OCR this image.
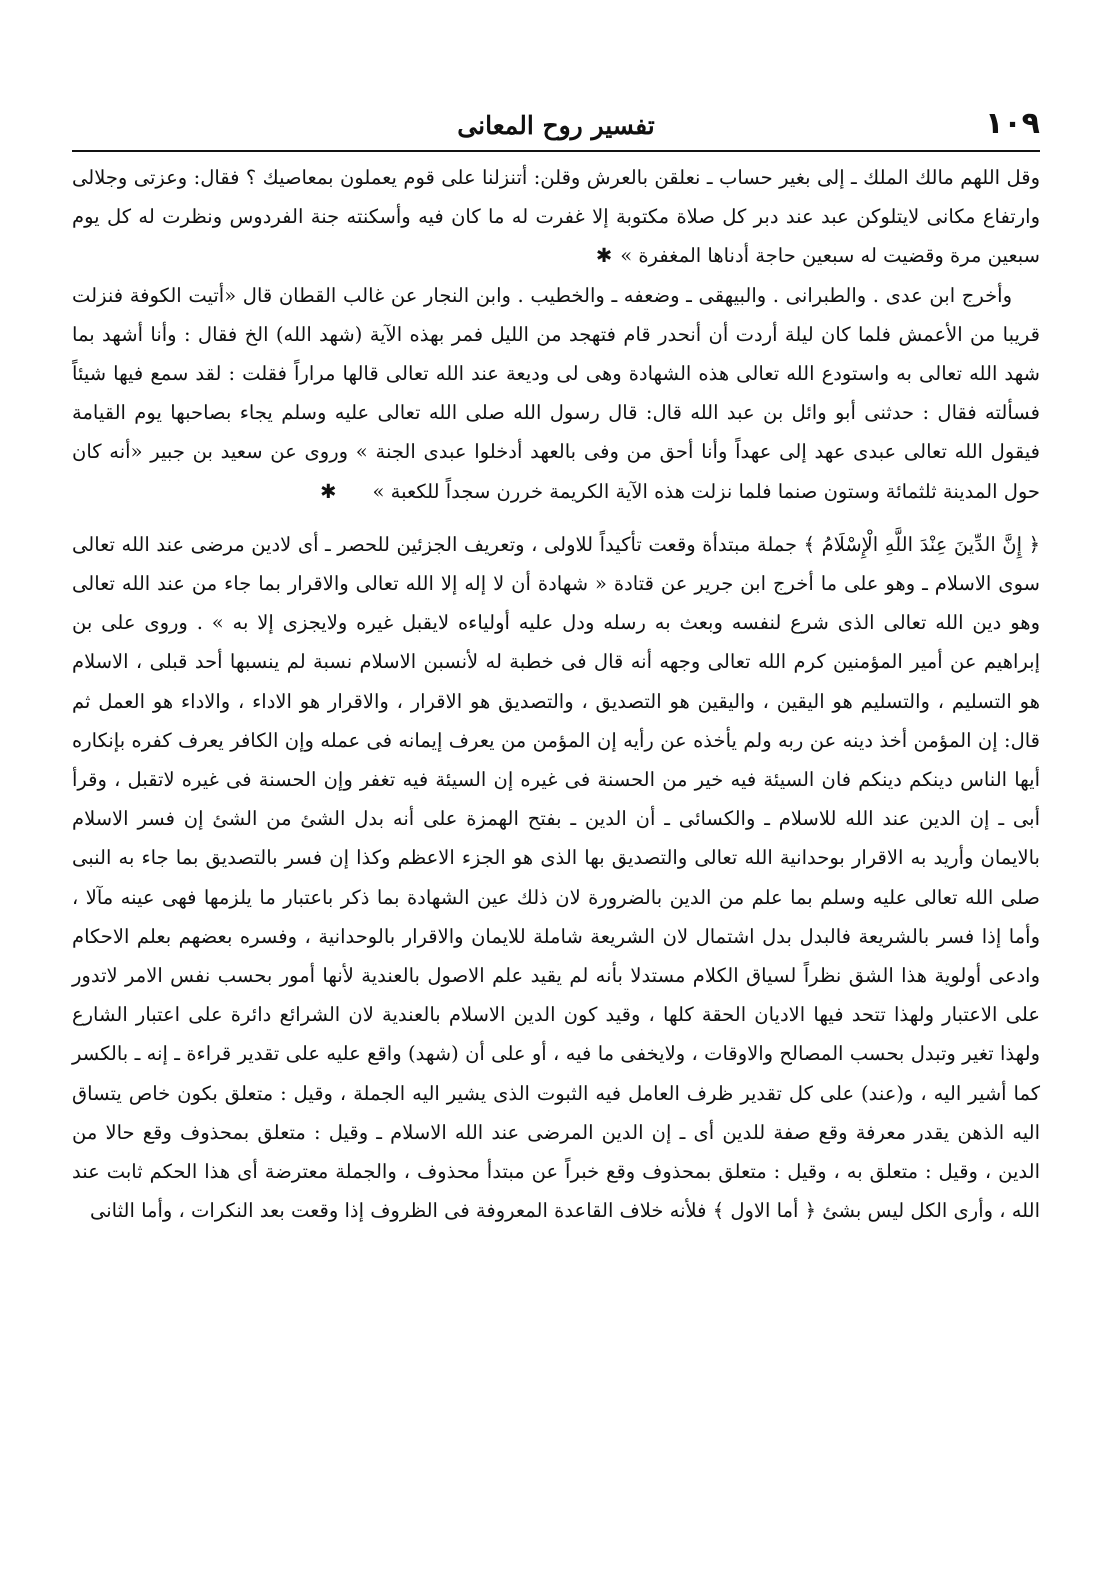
١٠٩
تفسير روح المعانى

وقل اللهم مالك الملك ـ إلى بغير حساب ـ نعلقن بالعرش وقلن: أتنزلنا على قوم يعملون بمعاصيك ؟ فقال: وعزتى وجلالى وارتفاع مكانى لايتلوكن عبد عند دبر كل صلاة مكتوبة إلا غفرت له ما كان فيه وأسكنته جنة الفردوس ونظرت له كل يوم سبعين مرة وقضيت له سبعين حاجة أدناها المغفرة »✱

وأخرج ابن عدى . والطبرانى . والبيهقى ـ وضعفه ـ والخطيب . وابن النجار عن غالب القطان قال «أتيت الكوفة فنزلت قريبا من الأعمش فلما كان ليلة أردت أن أنحدر قام فتهجد من الليل فمر بهذه الآية (شهد الله) الخ فقال : وأنا أشهد بما شهد الله تعالى به واستودع الله تعالى هذه الشهادة وهى لى وديعة عند الله تعالى قالها مراراً فقلت : لقد سمع فيها شيئاً فسألته فقال : حدثنى أبو وائل بن عبد الله قال: قال رسول الله صلى الله تعالى عليه وسلم يجاء بصاحبها يوم القيامة فيقول الله تعالى عبدى عهد إلى عهداً وأنا أحق من وفى بالعهد أدخلوا عبدى الجنة » وروى عن سعيد بن جبير «أنه كان حول المدينة ثلثمائة وستون صنما فلما نزلت هذه الآية الكريمة خررن سجداً للكعبة »✱

﴿ إِنَّ الدِّينَ عِنْدَ اللَّهِ الْإِسْلَامُ ﴾ جملة مبتدأة وقعت تأكيداً للاولى ، وتعريف الجزئين للحصر ـ أى لادين مرضى عند الله تعالى سوى الاسلام ـ وهو على ما أخرج ابن جرير عن قتادة « شهادة أن لا إله إلا الله تعالى والاقرار بما جاء من عند الله تعالى وهو دين الله تعالى الذى شرع لنفسه وبعث به رسله ودل عليه أولياءه لايقبل غيره ولايجزى إلا به » . وروى على بن إبراهيم عن أمير المؤمنين كرم الله تعالى وجهه أنه قال فى خطبة له لأنسبن الاسلام نسبة لم ينسبها أحد قبلى ، الاسلام هو التسليم ، والتسليم هو اليقين ، واليقين هو التصديق ، والتصديق هو الاقرار ، والاقرار هو الاداء ، والاداء هو العمل ثم قال: إن المؤمن أخذ دينه عن ربه ولم يأخذه عن رأيه إن المؤمن من يعرف إيمانه فى عمله وإن الكافر يعرف كفره بإنكاره أيها الناس دينكم دينكم فان السيئة فيه خير من الحسنة فى غيره إن السيئة فيه تغفر وإن الحسنة فى غيره لاتقبل ، وقرأ أبى ـ إن الدين عند الله للاسلام ـ والكسائى ـ أن الدين ـ بفتح الهمزة على أنه بدل الشئ من الشئ إن فسر الاسلام بالايمان وأريد به الاقرار بوحدانية الله تعالى والتصديق بها الذى هو الجزء الاعظم وكذا إن فسر بالتصديق بما جاء به النبى صلى الله تعالى عليه وسلم بما علم من الدين بالضرورة لان ذلك عين الشهادة بما ذكر باعتبار ما يلزمها فهى عينه مآلا ، وأما إذا فسر بالشريعة فالبدل بدل اشتمال لان الشريعة شاملة للايمان والاقرار بالوحدانية ، وفسره بعضهم بعلم الاحكام وادعى أولوية هذا الشق نظراً لسياق الكلام مستدلا بأنه لم يقيد علم الاصول بالعندية لأنها أمور بحسب نفس الامر لاتدور على الاعتبار ولهذا تتحد فيها الاديان الحقة كلها ، وقيد كون الدين الاسلام بالعندية لان الشرائع دائرة على اعتبار الشارع ولهذا تغير وتبدل بحسب المصالح والاوقات ، ولايخفى ما فيه ، أو على أن (شهد) واقع عليه على تقدير قراءة ـ إنه ـ بالكسر كما أشير اليه ، و(عند) على كل تقدير ظرف العامل فيه الثبوت الذى يشير اليه الجملة ، وقيل : متعلق بكون خاص يتساق اليه الذهن يقدر معرفة وقع صفة للدين أى ـ إن الدين المرضى عند الله الاسلام ـ وقيل : متعلق بمحذوف وقع حالا من الدين ، وقيل : متعلق به ، وقيل : متعلق بمحذوف وقع خبراً عن مبتدأ محذوف ، والجملة معترضة أى هذا الحكم ثابت عند الله ، وأرى الكل ليس بشئ ﴿ أما الاول ﴾ فلأنه خلاف القاعدة المعروفة فى الظروف إذا وقعت بعد النكرات ، وأما الثانى
